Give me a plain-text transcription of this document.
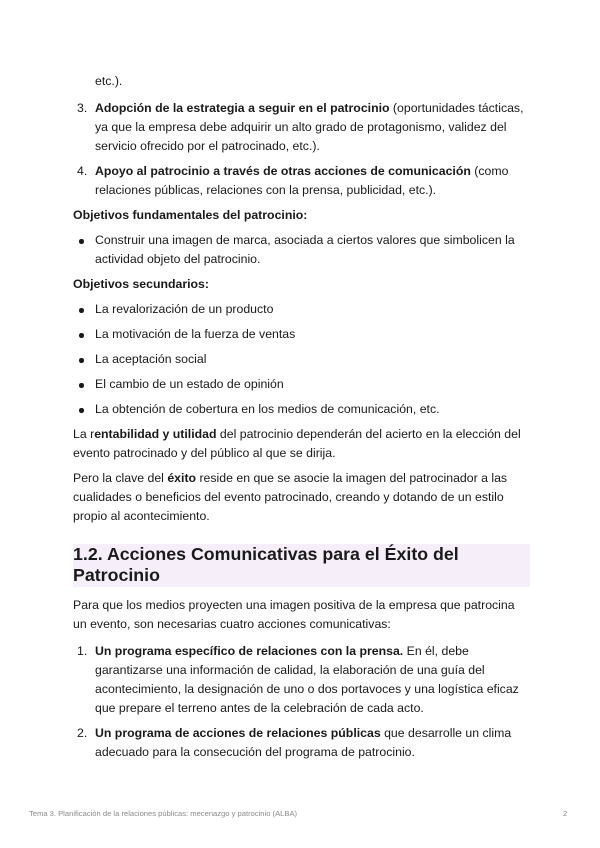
etc.).

3. Adopción de la estrategia a seguir en el patrocinio (oportunidades tácticas, ya que la empresa debe adquirir un alto grado de protagonismo, validez del servicio ofrecido por el patrocinado, etc.).
4. Apoyo al patrocinio a través de otras acciones de comunicación (como relaciones públicas, relaciones con la prensa, publicidad, etc.).

Objetivos fundamentales del patrocinio:

Construir una imagen de marca, asociada a ciertos valores que simbolicen la actividad objeto del patrocinio.

Objetivos secundarios:

La revalorización de un producto
La motivación de la fuerza de ventas
La aceptación social
El cambio de un estado de opinión
La obtención de cobertura en los medios de comunicación, etc.

La rentabilidad y utilidad del patrocinio dependerán del acierto en la elección del evento patrocinado y del público al que se dirija.

Pero la clave del éxito reside en que se asocie la imagen del patrocinador a las cualidades o beneficios del evento patrocinado, creando y dotando de un estilo propio al acontecimiento.

1.2. Acciones Comunicativas para el Éxito del Patrocinio

Para que los medios proyecten una imagen positiva de la empresa que patrocina un evento, son necesarias cuatro acciones comunicativas:

1. Un programa específico de relaciones con la prensa. En él, debe garantizarse una información de calidad, la elaboración de una guía del acontecimiento, la designación de uno o dos portavoces y una logística eficaz que prepare el terreno antes de la celebración de cada acto.
2. Un programa de acciones de relaciones públicas que desarrolle un clima adecuado para la consecución del programa de patrocinio.
Tema 3. Planificación de la relaciones públicas: mecenazgo y patrocinio (ALBA)	2
